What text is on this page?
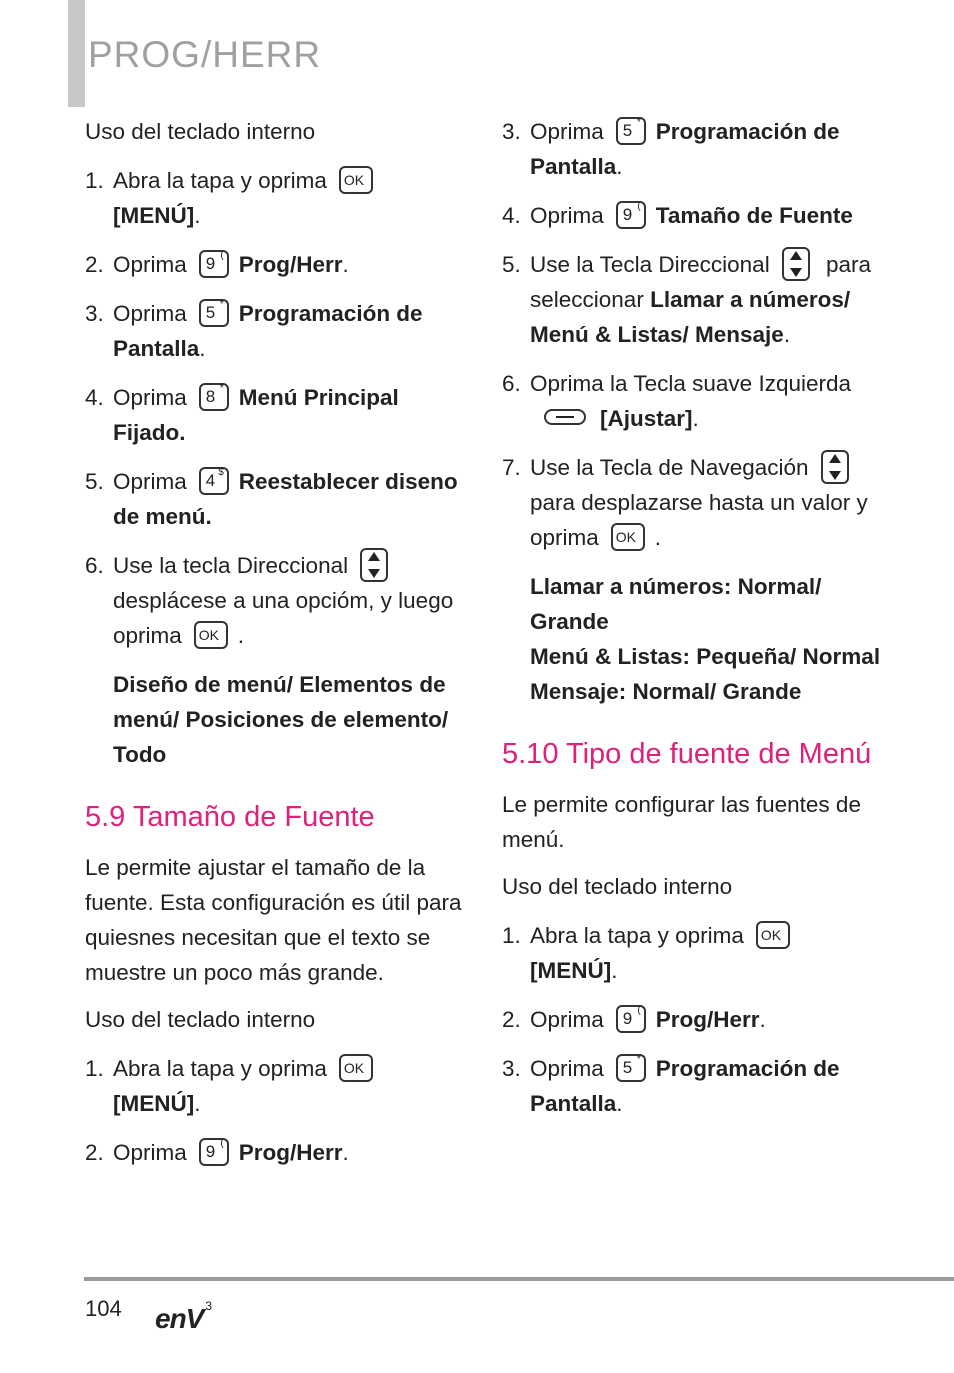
PROG/HERR
Uso del teclado interno
1. Abra la tapa y oprima OK

[MENÚ].
2. Oprima 9 ( Prog/Herr.
3. Oprima 5 * Programación de Pantalla.
4. Oprima 8 * Menú Principal Fijado.
5. Oprima 4 $ Reestablecer diseno de menú.
6. Use la tecla Direccional
desplácese a una opcióm, y luego oprima OK .
Diseño de menú/ Elementos de menú/ Posiciones de elemento/ Todo
5.9 Tamaño de Fuente
Le permite ajustar el tamaño de la fuente. Esta configuración es útil para quiesnes necesitan que el texto se muestre un poco más grande.
Uso del teclado interno
1. Abra la tapa y oprima OK

[MENÚ].
2. Oprima 9 ( Prog/Herr.
3. Oprima 5 * Programación de Pantalla.
4. Oprima 9 ( Tamaño de Fuente
5. Use la Tecla Direccional	para seleccionar Llamar a números/ Menú & Listas/ Mensaje.
6. Oprima la Tecla suave Izquierda
[Ajustar].
7. Use la Tecla de Navegación
para desplazarse hasta un valor y oprima OK .
Llamar a números: Normal/ Grande
Menú & Listas: Pequeña/ Normal
Mensaje: Normal/ Grande
5.10 Tipo de fuente de Menú
Le permite configurar las fuentes de menú.
Uso del teclado interno
1. Abra la tapa y oprima OK

[MENÚ].
2. Oprima 9 ( Prog/Herr.
3. Oprima 5 * Programación de Pantalla.
104 enV $^3$
